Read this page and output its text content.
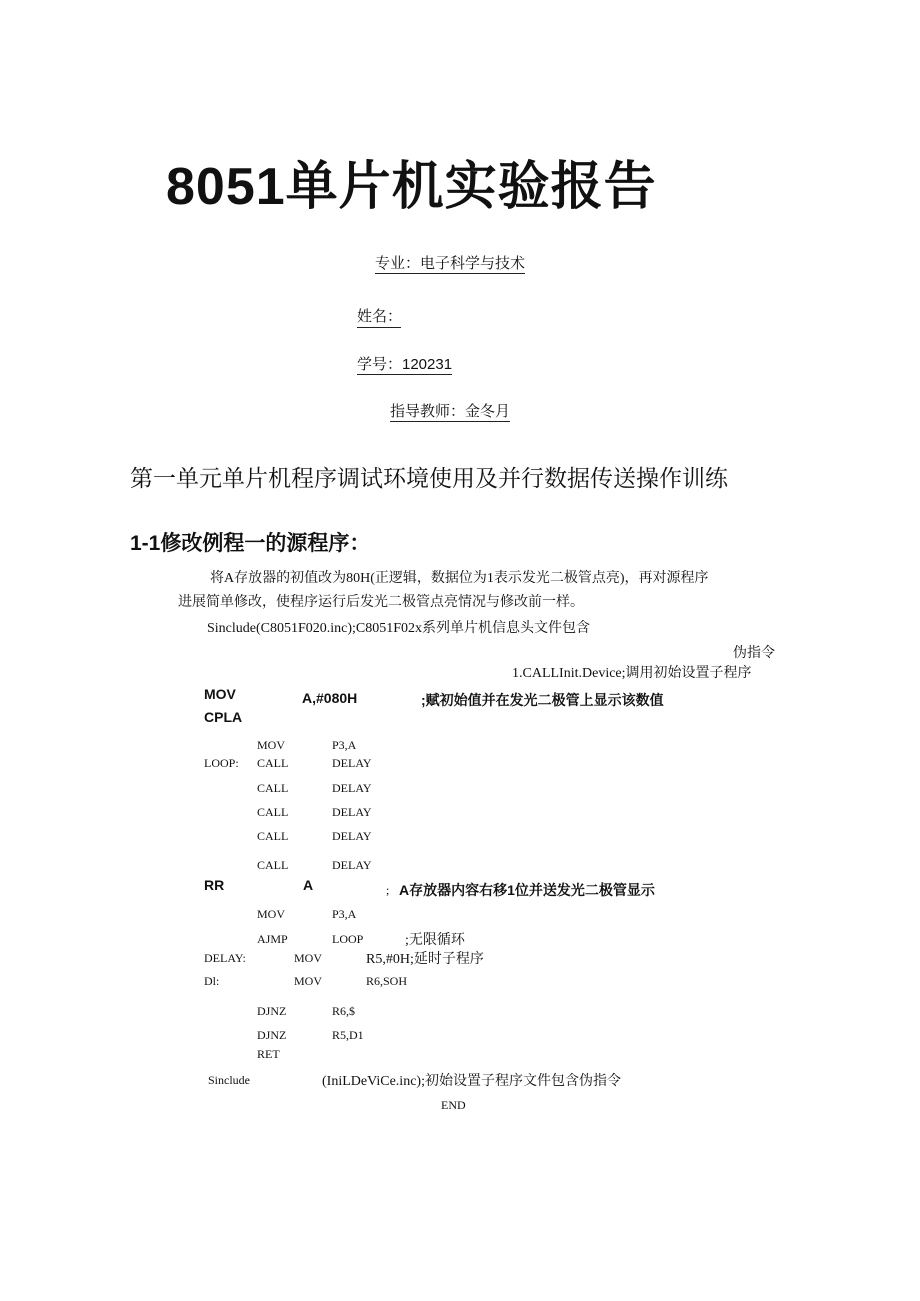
8051单片机实验报告
专业：电子科学与技术
姓名：
学号：120231
指导教师：金冬月
第一单元单片机程序调试环境使用及并行数据传送操作训练
1-1修改例程一的源程序：
将A存放器的初值改为80H(正逻辑，数据位为1表示发光二极管点亮)，再对源程序
进展简单修改，使程序运行后发光二极管点亮情况与修改前一样。
Sinclude(C8051F020.inc);C8051F02x系列单片机信息头文件包含
伪指令
1.CALLInit.Device;调用初始设置子程序
MOV	A,#080H	;赋初始值并在发光二极管上显示该数值
CPLA
MOV	P3,A
LOOP: CALL	DELAY
CALL	DELAY
CALL	DELAY
CALL	DELAY
CALL	DELAY
RR	A	; A存放器内容右移1位并送发光二极管显示
MOV	P3,A
AJMP	LOOP	;无限循环
DELAY:	MOV	R5,#0H;延时子程序
Dl:	MOV	R6,SOH
DJNZ	R6,$
DJNZ	R5,D1
RET
Sinclude	(IniLDeViCe.inc);初始设置子程序文件包含伪指令
END
